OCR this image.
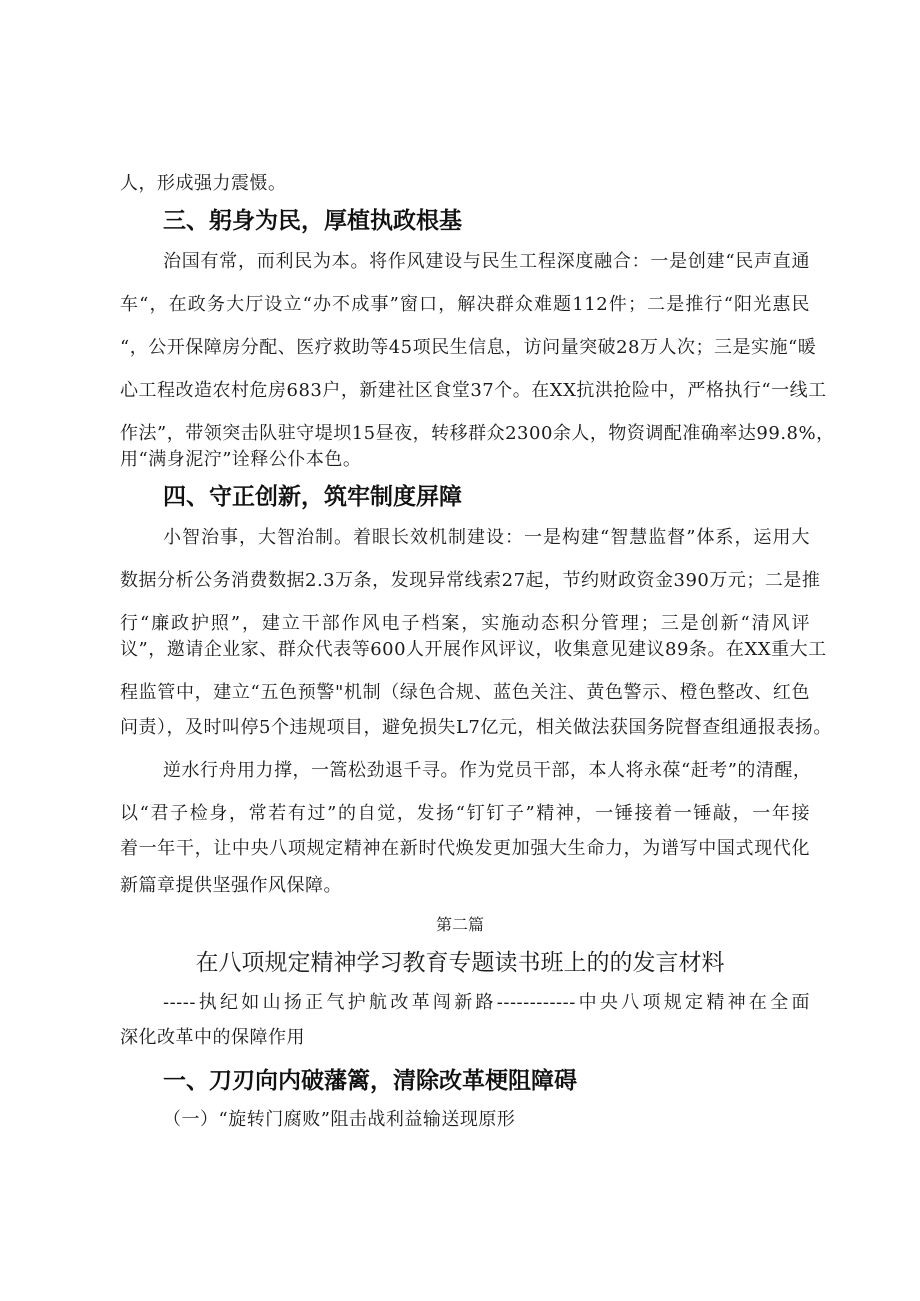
人，形成强力震慑。
三、躬身为民，厚植执政根基
治国有常，而利民为本。将作风建设与民生工程深度融合：一是创建“民声直通
车“，在政务大厅设立“办不成事”窗口，解决群众难题112件；二是推行“阳光惠民
“，公开保障房分配、医疗救助等45项民生信息，访问量突破28万人次；三是实施“暖
心工程改造农村危房683户，新建社区食堂37个。在XX抗洪抢险中，严格执行“一线工
作法”，带领突击队驻守堤坝15昼夜，转移群众2300余人，物资调配准确率达99.8%，
用“满身泥泞”诠释公仆本色。
四、守正创新，筑牢制度屏障
小智治事，大智治制。着眼长效机制建设：一是构建“智慧监督”体系，运用大
数据分析公务消费数据2.3万条，发现异常线索27起，节约财政资金390万元；二是推
行“廉政护照”，建立干部作风电子档案，实施动态积分管理；三是创新“清风评
议”，邀请企业家、群众代表等600人开展作风评议，收集意见建议89条。在XX重大工
程监管中，建立“五色预警"机制（绿色合规、蓝色关注、黄色警示、橙色整改、红色
问责），及时叫停5个违规项目，避免损失L7亿元，相关做法获国务院督查组通报表扬。
逆水行舟用力撑，一篙松劲退千寻。作为党员干部，本人将永葆“赶考”的清醒，
以“君子检身，常若有过”的自觉，发扬“钉钉子”精神，一锤接着一锤敲，一年接
着一年干，让中央八项规定精神在新时代焕发更加强大生命力，为谱写中国式现代化
新篇章提供坚强作风保障。
第二篇
在八项规定精神学习教育专题读书班上的的发言材料
-----执纪如山扬正气护航改革闯新路------------中央八项规定精神在全面
深化改革中的保障作用
一、刀刃向内破藩篱，清除改革梗阻障碍
（一）“旋转门腐败”阻击战利益输送现原形
